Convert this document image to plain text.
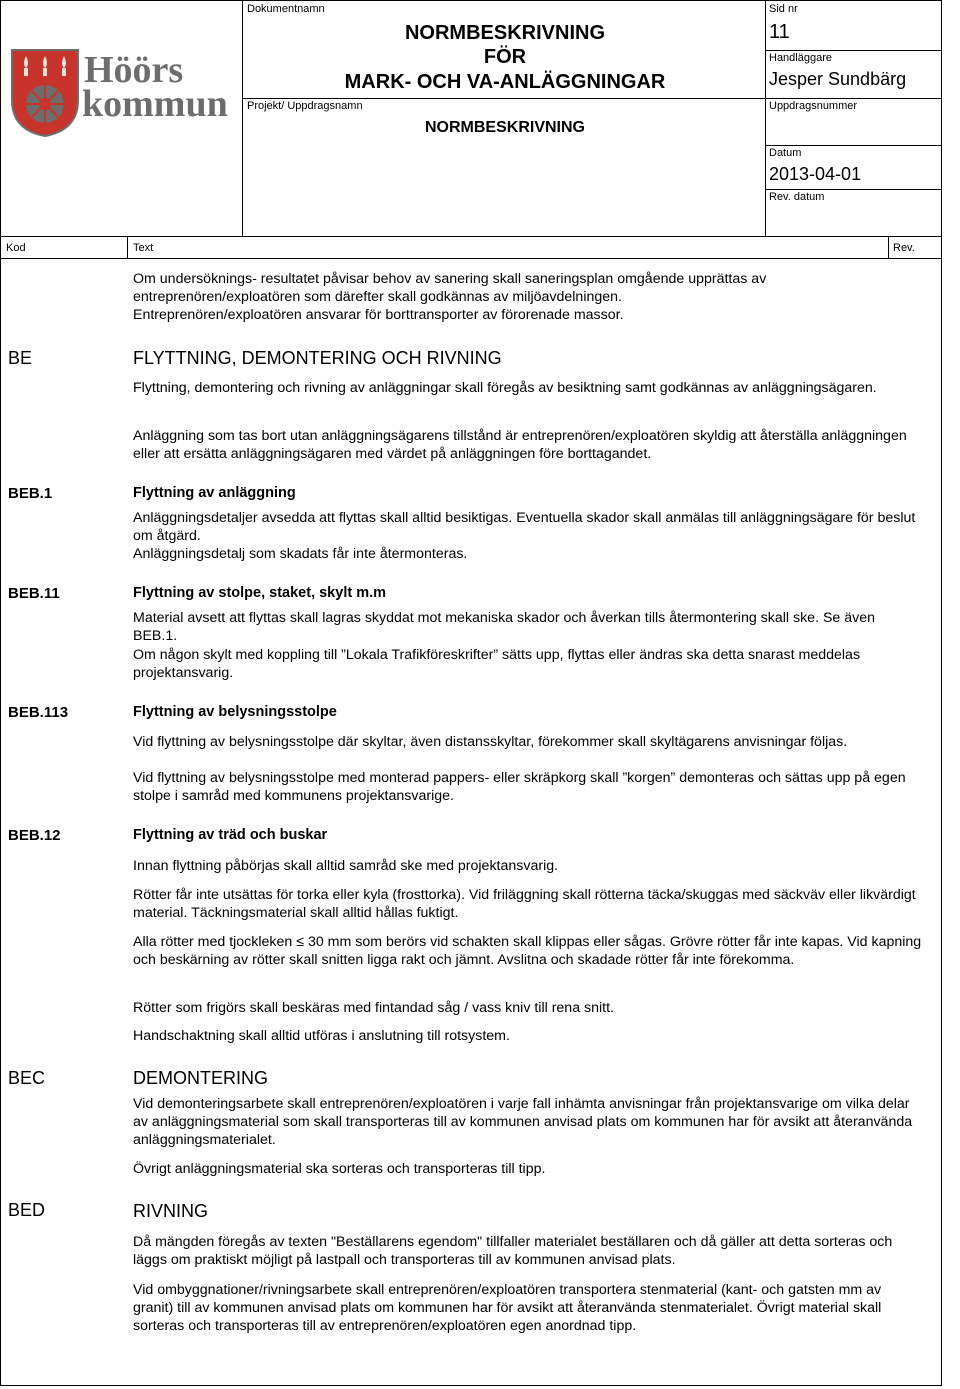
Höörs
kommun
Dokumentnamn
NORMBESKRIVNING
FÖR
MARK- OCH VA-ANLÄGGNINGAR
Projekt/ Uppdragsnamn
NORMBESKRIVNING
Sid nr
11
Handläggare
Jesper Sundbärg
Uppdragsnummer
Datum
2013-04-01
Rev. datum
Kod	Text	Rev.
Om undersöknings- resultatet påvisar behov av sanering skall saneringsplan omgående upprättas av entreprenören/exploatören som därefter skall godkännas av miljöavdelningen.
Entreprenören/exploatören ansvarar för borttransporter av förorenade massor.
BE	FLYTTNING, DEMONTERING OCH RIVNING
Flyttning, demontering och rivning av anläggningar skall föregås av besiktning samt godkännas av anläggningsägaren.
Anläggning som tas bort utan anläggningsägarens tillstånd är entreprenören/exploatören skyldig att återställa anläggningen eller att ersätta anläggningsägaren med värdet på anläggningen före borttagandet.
BEB.1	Flyttning av anläggning
Anläggningsdetaljer avsedda att flyttas skall alltid besiktigas. Eventuella skador skall anmälas till anläggningsägare för beslut om åtgärd.
Anläggningsdetalj som skadats får inte återmonteras.
BEB.11	Flyttning av stolpe, staket, skylt m.m
Material avsett att flyttas skall lagras skyddat mot mekaniska skador och åverkan tills återmontering skall ske. Se även BEB.1.
Om någon skylt med koppling till ”Lokala Trafikföreskrifter” sätts upp, flyttas eller ändras ska detta snarast meddelas projektansvarig.
BEB.113	Flyttning av belysningsstolpe
Vid flyttning av belysningsstolpe där skyltar, även distansskyltar, förekommer skall skyltägarens anvisningar följas.
Vid flyttning av belysningsstolpe med monterad pappers- eller skräpkorg skall ”korgen” demonteras och sättas upp på egen stolpe i samråd med kommunens projektansvarige.
BEB.12	Flyttning av träd och buskar
Innan flyttning påbörjas skall alltid samråd ske med projektansvarig.
Rötter får inte utsättas för torka eller kyla (frosttorka). Vid friläggning skall rötterna täcka/skuggas med säckväv eller likvärdigt material. Täckningsmaterial skall alltid hållas fuktigt.
Alla rötter med tjockleken ≤ 30 mm som berörs vid schakten skall klippas eller sågas. Grövre rötter får inte kapas. Vid kapning och beskärning av rötter skall snitten ligga rakt och jämnt. Avslitna och skadade rötter får inte förekomma.
Rötter som frigörs skall beskäras med fintandad såg / vass kniv till rena snitt.
Handschaktning skall alltid utföras i anslutning till rotsystem.
BEC	DEMONTERING
Vid demonteringsarbete skall entreprenören/exploatören i varje fall inhämta anvisningar från projektansvarige om vilka delar av anläggningsmaterial som skall transporteras till av kommunen anvisad plats om kommunen har för avsikt att återanvända anläggningsmaterialet.
Övrigt anläggningsmaterial ska sorteras och transporteras till tipp.
BED	RIVNING
Då mängden föregås av texten "Beställarens egendom" tillfaller materialet beställaren och då gäller att detta sorteras och läggs om praktiskt möjligt på lastpall och transporteras till av kommunen anvisad plats.
Vid ombyggnationer/rivningsarbete skall entreprenören/exploatören transportera stenmaterial (kant- och gatsten mm av granit) till av kommunen anvisad plats om kommunen har för avsikt att återanvända stenmaterialet. Övrigt material skall sorteras och transporteras till av entreprenören/exploatören egen anordnad tipp.
